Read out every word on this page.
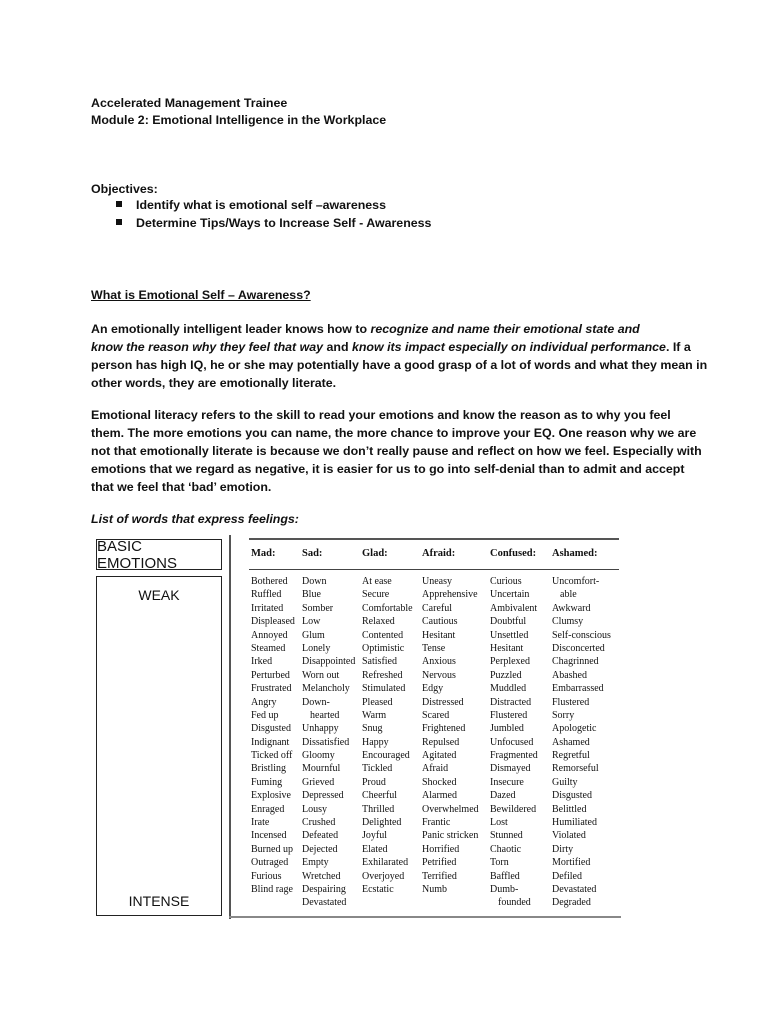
Accelerated Management Trainee
Module 2: Emotional Intelligence in the Workplace
Objectives:
Identify what is emotional self –awareness
Determine Tips/Ways to Increase Self - Awareness
What is Emotional Self – Awareness?
An emotionally intelligent leader knows how to recognize and name their emotional state and
know the reason why they feel that way and know its impact especially on individual performance. If a
person has high IQ, he or she may potentially have a good grasp of a lot of words and what they mean in
other words, they are emotionally literate.
Emotional literacy refers to the skill to read your emotions and know the reason as to why you feel
them. The more emotions you can name, the more chance to improve your EQ. One reason why we are
not that emotionally literate is because we don’t really pause and reflect on how we feel. Especially with
emotions that we regard as negative, it is easier for us to go into self-denial than to admit and accept
that we feel that ‘bad’ emotion.
List of words that express feelings:
BASIC EMOTIONS
WEAK
INTENSE
Mad:
Bothered
Ruffled
Irritated
Displeased
Annoyed
Steamed
Irked
Perturbed
Frustrated
Angry
Fed up
Disgusted
Indignant
Ticked off
Bristling
Fuming
Explosive
Enraged
Irate
Incensed
Burned up
Outraged
Furious
Blind rage
Sad:
Down
Blue
Somber
Low
Glum
Lonely
Disappointed
Worn out
Melancholy
Down-
hearted
Unhappy
Dissatisfied
Gloomy
Mournful
Grieved
Depressed
Lousy
Crushed
Defeated
Dejected
Empty
Wretched
Despairing
Devastated
Glad:
At ease
Secure
Comfortable
Relaxed
Contented
Optimistic
Satisfied
Refreshed
Stimulated
Pleased
Warm
Snug
Happy
Encouraged
Tickled
Proud
Cheerful
Thrilled
Delighted
Joyful
Elated
Exhilarated
Overjoyed
Ecstatic
Afraid:
Uneasy
Apprehensive
Careful
Cautious
Hesitant
Tense
Anxious
Nervous
Edgy
Distressed
Scared
Frightened
Repulsed
Agitated
Afraid
Shocked
Alarmed
Overwhelmed
Frantic
Panic stricken
Horrified
Petrified
Terrified
Numb
Confused:
Curious
Uncertain
Ambivalent
Doubtful
Unsettled
Hesitant
Perplexed
Puzzled
Muddled
Distracted
Flustered
Jumbled
Unfocused
Fragmented
Dismayed
Insecure
Dazed
Bewildered
Lost
Stunned
Chaotic
Torn
Baffled
Dumb-
founded
Ashamed:
Uncomfort-
able
Awkward
Clumsy
Self-conscious
Disconcerted
Chagrinned
Abashed
Embarrassed
Flustered
Sorry
Apologetic
Ashamed
Regretful
Remorseful
Guilty
Disgusted
Belittled
Humiliated
Violated
Dirty
Mortified
Defiled
Devastated
Degraded
